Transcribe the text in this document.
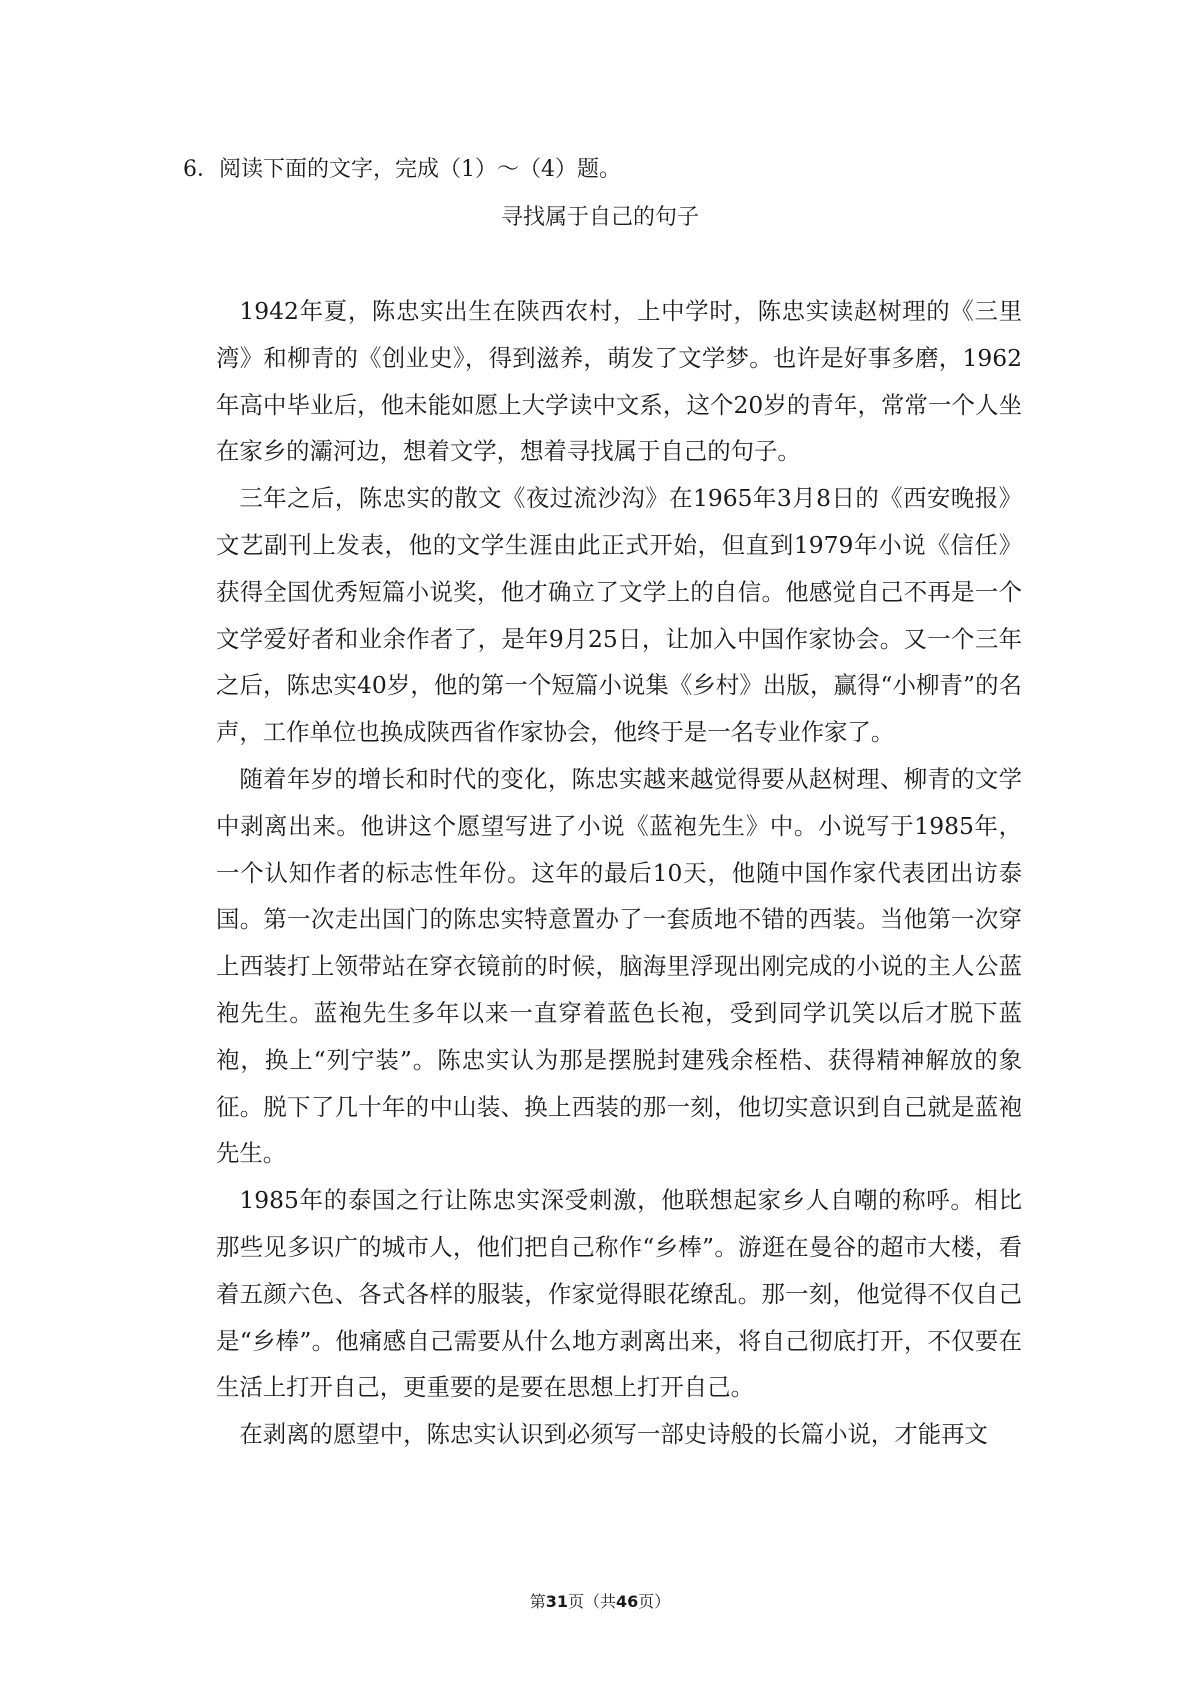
6．阅读下面的文字，完成（1）～（4）题。
寻找属于自己的句子

1942年夏，陈忠实出生在陕西农村，上中学时，陈忠实读赵树理的《三里湾》和柳青的《创业史》，得到滋养，萌发了文学梦。也许是好事多磨，1962年高中毕业后，他未能如愿上大学读中文系，这个20岁的青年，常常一个人坐在家乡的灞河边，想着文学，想着寻找属于自己的句子。

三年之后，陈忠实的散文《夜过流沙沟》在1965年3月8日的《西安晚报》文艺副刊上发表，他的文学生涯由此正式开始，但直到1979年小说《信任》获得全国优秀短篇小说奖，他才确立了文学上的自信。他感觉自己不再是一个文学爱好者和业余作者了，是年9月25日，让加入中国作家协会。又一个三年之后，陈忠实40岁，他的第一个短篇小说集《乡村》出版，赢得“小柳青”的名声，工作单位也换成陕西省作家协会，他终于是一名专业作家了。

随着年岁的增长和时代的变化，陈忠实越来越觉得要从赵树理、柳青的文学中剥离出来。他讲这个愿望写进了小说《蓝袍先生》中。小说写于1985年，一个认知作者的标志性年份。这年的最后10天，他随中国作家代表团出访泰国。第一次走出国门的陈忠实特意置办了一套质地不错的西装。当他第一次穿上西装打上领带站在穿衣镜前的时候，脑海里浮现出刚完成的小说的主人公蓝袍先生。蓝袍先生多年以来一直穿着蓝色长袍，受到同学讥笑以后才脱下蓝袍，换上“列宁装”。陈忠实认为那是摆脱封建残余桎梏、获得精神解放的象征。脱下了几十年的中山装、换上西装的那一刻，他切实意识到自己就是蓝袍先生。

1985年的泰国之行让陈忠实深受刺激，他联想起家乡人自嘲的称呼。相比那些见多识广的城市人，他们把自己称作“乡棒”。游逛在曼谷的超市大楼，看着五颜六色、各式各样的服装，作家觉得眼花缭乱。那一刻，他觉得不仅自己是“乡棒”。他痛感自己需要从什么地方剥离出来，将自己彻底打开，不仅要在生活上打开自己，更重要的是要在思想上打开自己。

在剥离的愿望中，陈忠实认识到必须写一部史诗般的长篇小说，才能再文

第31页（共46页）
